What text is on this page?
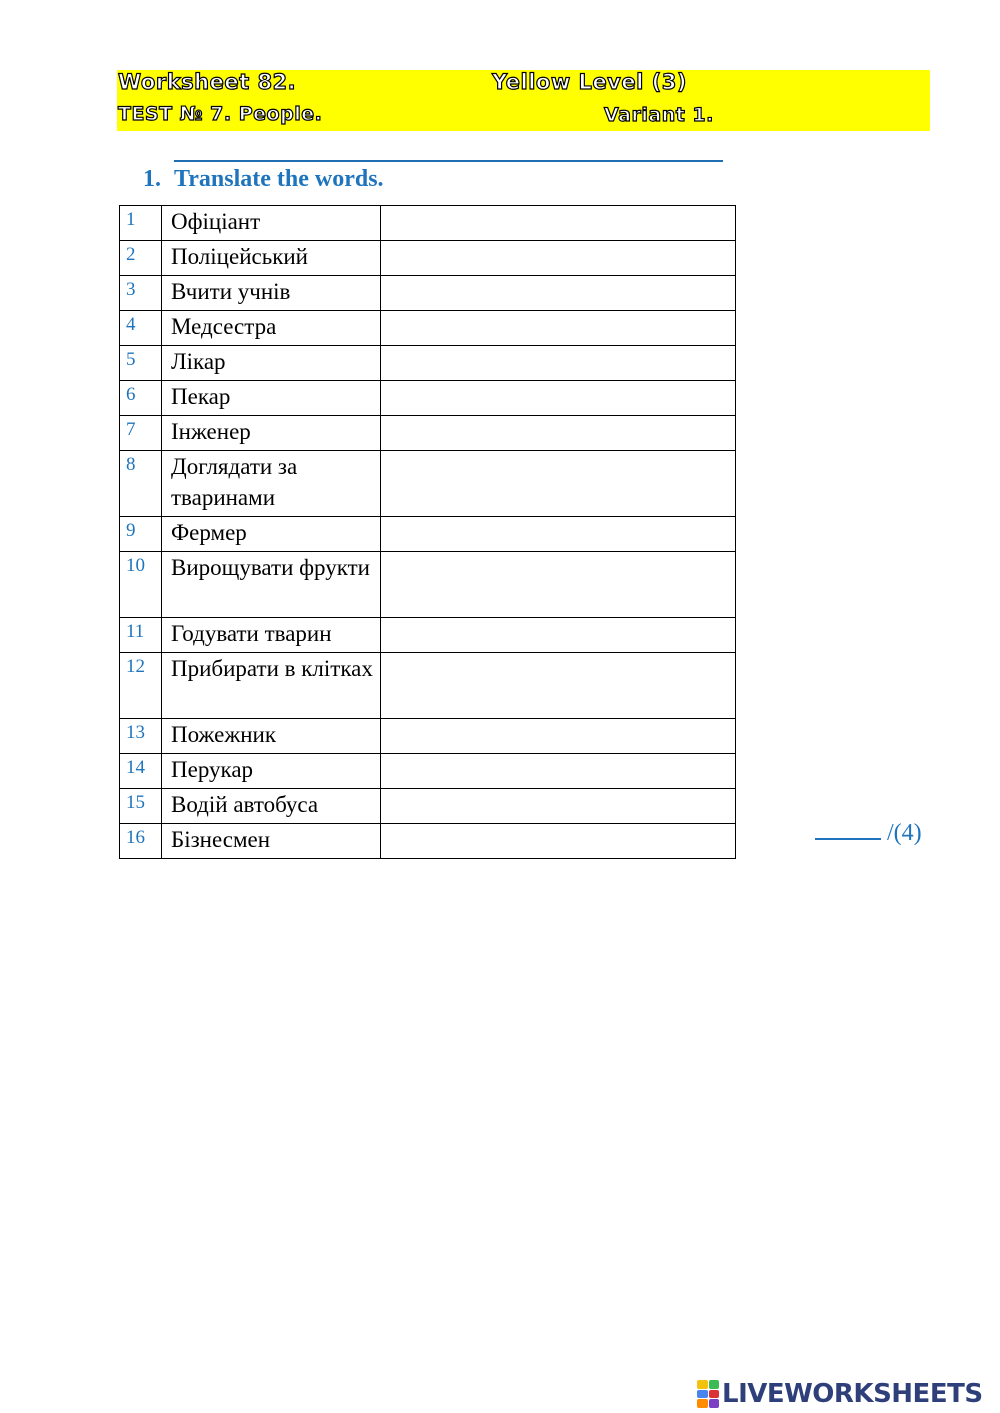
Worksheet 82.	Yellow Level (3)
TEST № 7. People.	Variant 1.
1. Translate the words.
1	Офіціант	
2	Поліцейський	
3	Вчити учнів	
4	Медсестра	
5	Лікар	
6	Пекар	
7	Інженер	
8	Доглядати за тваринами	
9	Фермер	
10	Вирощувати фрукти	
11	Годувати тварин	
12	Прибирати в клітках	
13	Пожежник	
14	Перукар	
15	Водій автобуса	
16	Бізнесмен		/(4)
LIVEWORKSHEETS
